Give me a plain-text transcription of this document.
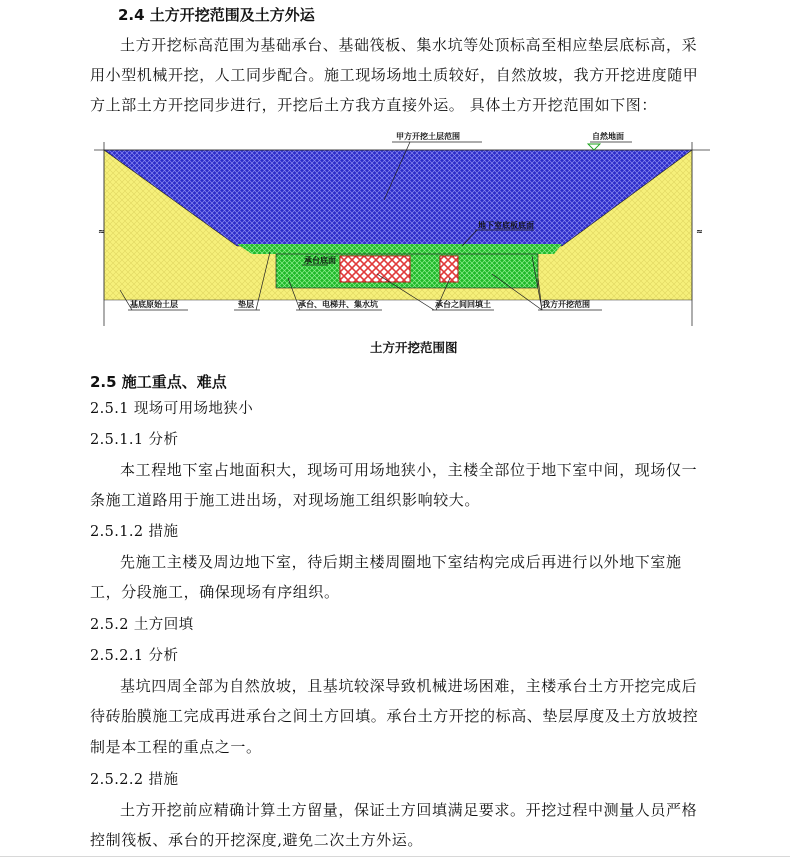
2.4 土方开挖范围及土方外运
土方开挖标高范围为基础承台、基础筏板、集水坑等处顶标高至相应垫层底标高，采
用小型机械开挖，人工同步配合。施工现场场地土质较好，自然放坡，我方开挖进度随甲
方上部土方开挖同步进行，开挖后土方我方直接外运。 具体土方开挖范围如下图：
≈	≈
甲方开挖土层范围	自然地面
地下室底板底面
承台底面
基底原始土层	垫层	承台、电梯井、集水坑	承台之间回填土	我方开挖范围
土方开挖范围图
2.5 施工重点、难点
2.5.1 现场可用场地狭小
2.5.1.1 分析
本工程地下室占地面积大，现场可用场地狭小，主楼全部位于地下室中间，现场仅一
条施工道路用于施工进出场，对现场施工组织影响较大。
2.5.1.2 措施
先施工主楼及周边地下室，待后期主楼周圈地下室结构完成后再进行以外地下室施
工，分段施工，确保现场有序组织。
2.5.2 土方回填
2.5.2.1 分析
基坑四周全部为自然放坡，且基坑较深导致机械进场困难，主楼承台土方开挖完成后
待砖胎膜施工完成再进承台之间土方回填。承台土方开挖的标高、垫层厚度及土方放坡控
制是本工程的重点之一。
2.5.2.2 措施
土方开挖前应精确计算土方留量，保证土方回填满足要求。开挖过程中测量人员严格
控制筏板、承台的开挖深度,避免二次土方外运。
